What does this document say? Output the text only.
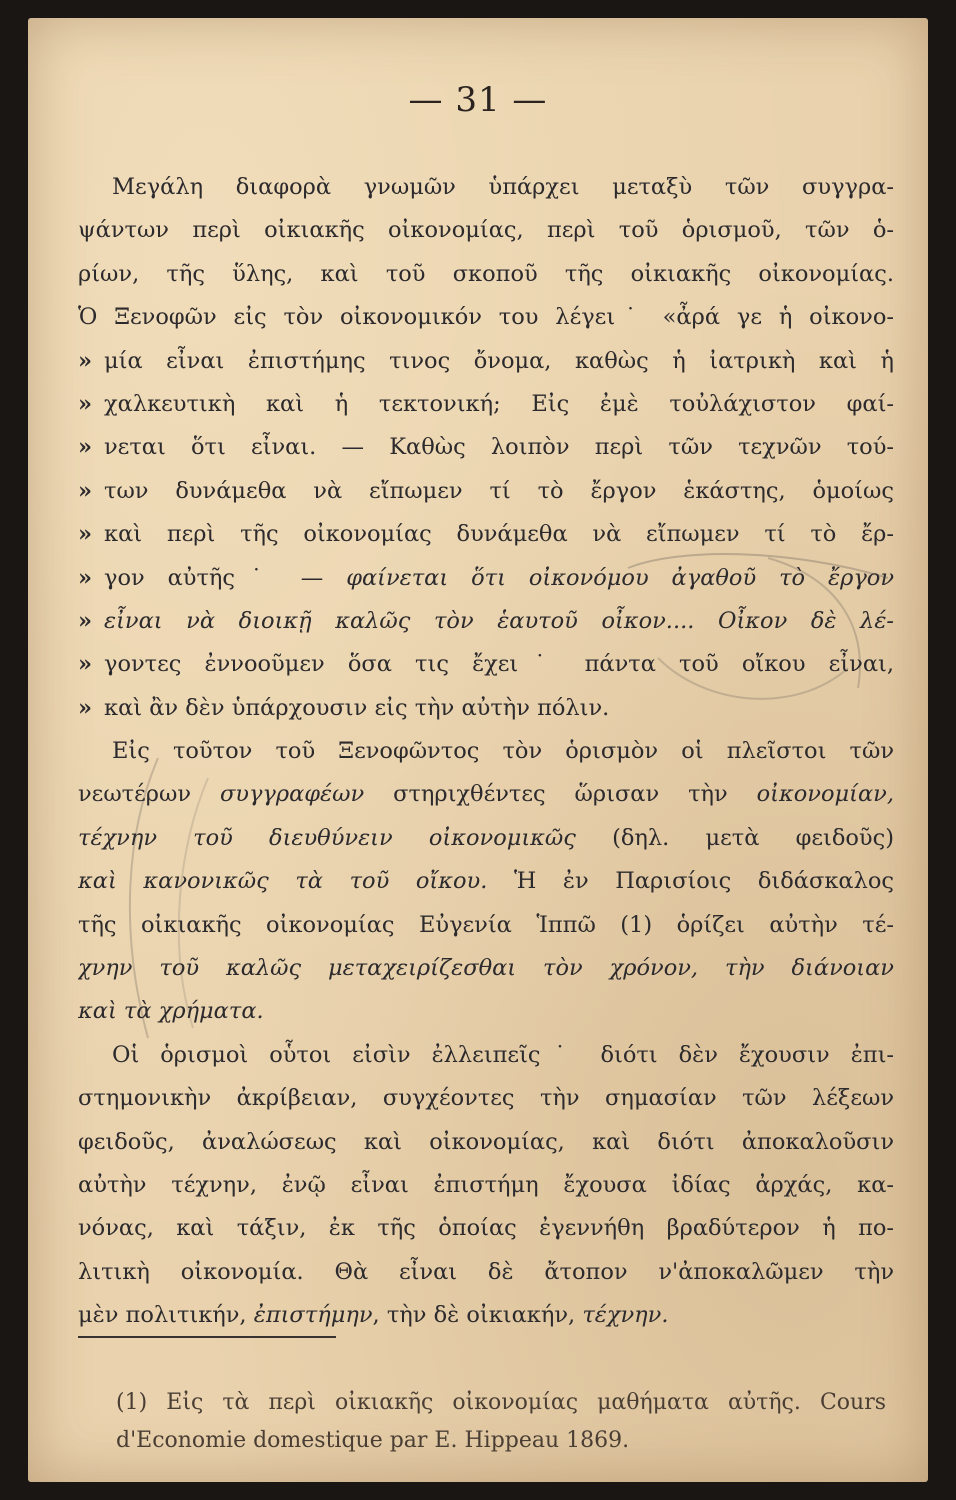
— 31 —
Μεγάλη διαφορὰ γνωμῶν ὑπάρχει μεταξὺ τῶν συγγρα-
ψάντων περὶ οἰκιακῆς οἰκονομίας, περὶ τοῦ ὁρισμοῦ, τῶν ὁ-
ρίων, τῆς ὕλης, καὶ τοῦ σκοποῦ τῆς οἰκιακῆς οἰκονομίας.
Ὁ Ξενοφῶν εἰς τὸν οἰκονομικόν του λέγει˙ «ἆρά γε ἡ οἰκονο-
» μία εἶναι ἐπιστήμης τινος ὄνομα, καθὼς ἡ ἰατρικὴ καὶ ἡ
» χαλκευτικὴ καὶ ἡ τεκτονική; Εἰς ἐμὲ τοὐλάχιστον φαί-
» νεται ὅτι εἶναι. — Καθὼς λοιπὸν περὶ τῶν τεχνῶν τού-
» των δυνάμεθα νὰ εἴπωμεν τί τὸ ἔργον ἑκάστης, ὁμοίως
» καὶ περὶ τῆς οἰκονομίας δυνάμεθα νὰ εἴπωμεν τί τὸ ἔρ-
» γον αὐτῆς˙ — φαίνεται ὅτι οἰκονόμου ἀγαθοῦ τὸ ἔργον
» εἶναι νὰ διοικῇ καλῶς τὸν ἑαυτοῦ οἶκον.... Οἶκον δὲ λέ-
» γοντες ἐννοοῦμεν ὅσα τις ἔχει˙ πάντα τοῦ οἴκου εἶναι,
» καὶ ἂν δὲν ὑπάρχουσιν εἰς τὴν αὐτὴν πόλιν.
Εἰς τοῦτον τοῦ Ξενοφῶντος τὸν ὁρισμὸν οἱ πλεῖστοι τῶν
νεωτέρων συγγραφέων στηριχθέντες ὥρισαν τὴν οἰκονομίαν,
τέχνην τοῦ διευθύνειν οἰκονομικῶς (δηλ. μετὰ φειδοῦς)
καὶ κανονικῶς τὰ τοῦ οἴκου. Ἡ ἐν Παρισίοις διδάσκαλος
τῆς οἰκιακῆς οἰκονομίας Εὐγενία Ἱππῶ (1) ὁρίζει αὐτὴν τέ-
χνην τοῦ καλῶς μεταχειρίζεσθαι τὸν χρόνον, τὴν διάνοιαν
καὶ τὰ χρήματα.
Οἱ ὁρισμοὶ οὗτοι εἰσὶν ἐλλειπεῖς˙ διότι δὲν ἔχουσιν ἐπι-
στημονικὴν ἀκρίβειαν, συγχέοντες τὴν σημασίαν τῶν λέξεων
φειδοῦς, ἀναλώσεως καὶ οἰκονομίας, καὶ διότι ἀποκαλοῦσιν
αὐτὴν τέχνην, ἐνῷ εἶναι ἐπιστήμη ἔχουσα ἰδίας ἀρχάς, κα-
νόνας, καὶ τάξιν, ἐκ τῆς ὁποίας ἐγεννήθη βραδύτερον ἡ πο-
λιτικὴ οἰκονομία. Θὰ εἶναι δὲ ἄτοπον ν'ἀποκαλῶμεν τὴν
μὲν πολιτικήν, ἐπιστήμην, τὴν δὲ οἰκιακήν, τέχνην.
(1) Εἰς τὰ περὶ οἰκιακῆς οἰκονομίας μαθήματα αὐτῆς. Cours
d'Economie domestique par E. Hippeau 1869.
